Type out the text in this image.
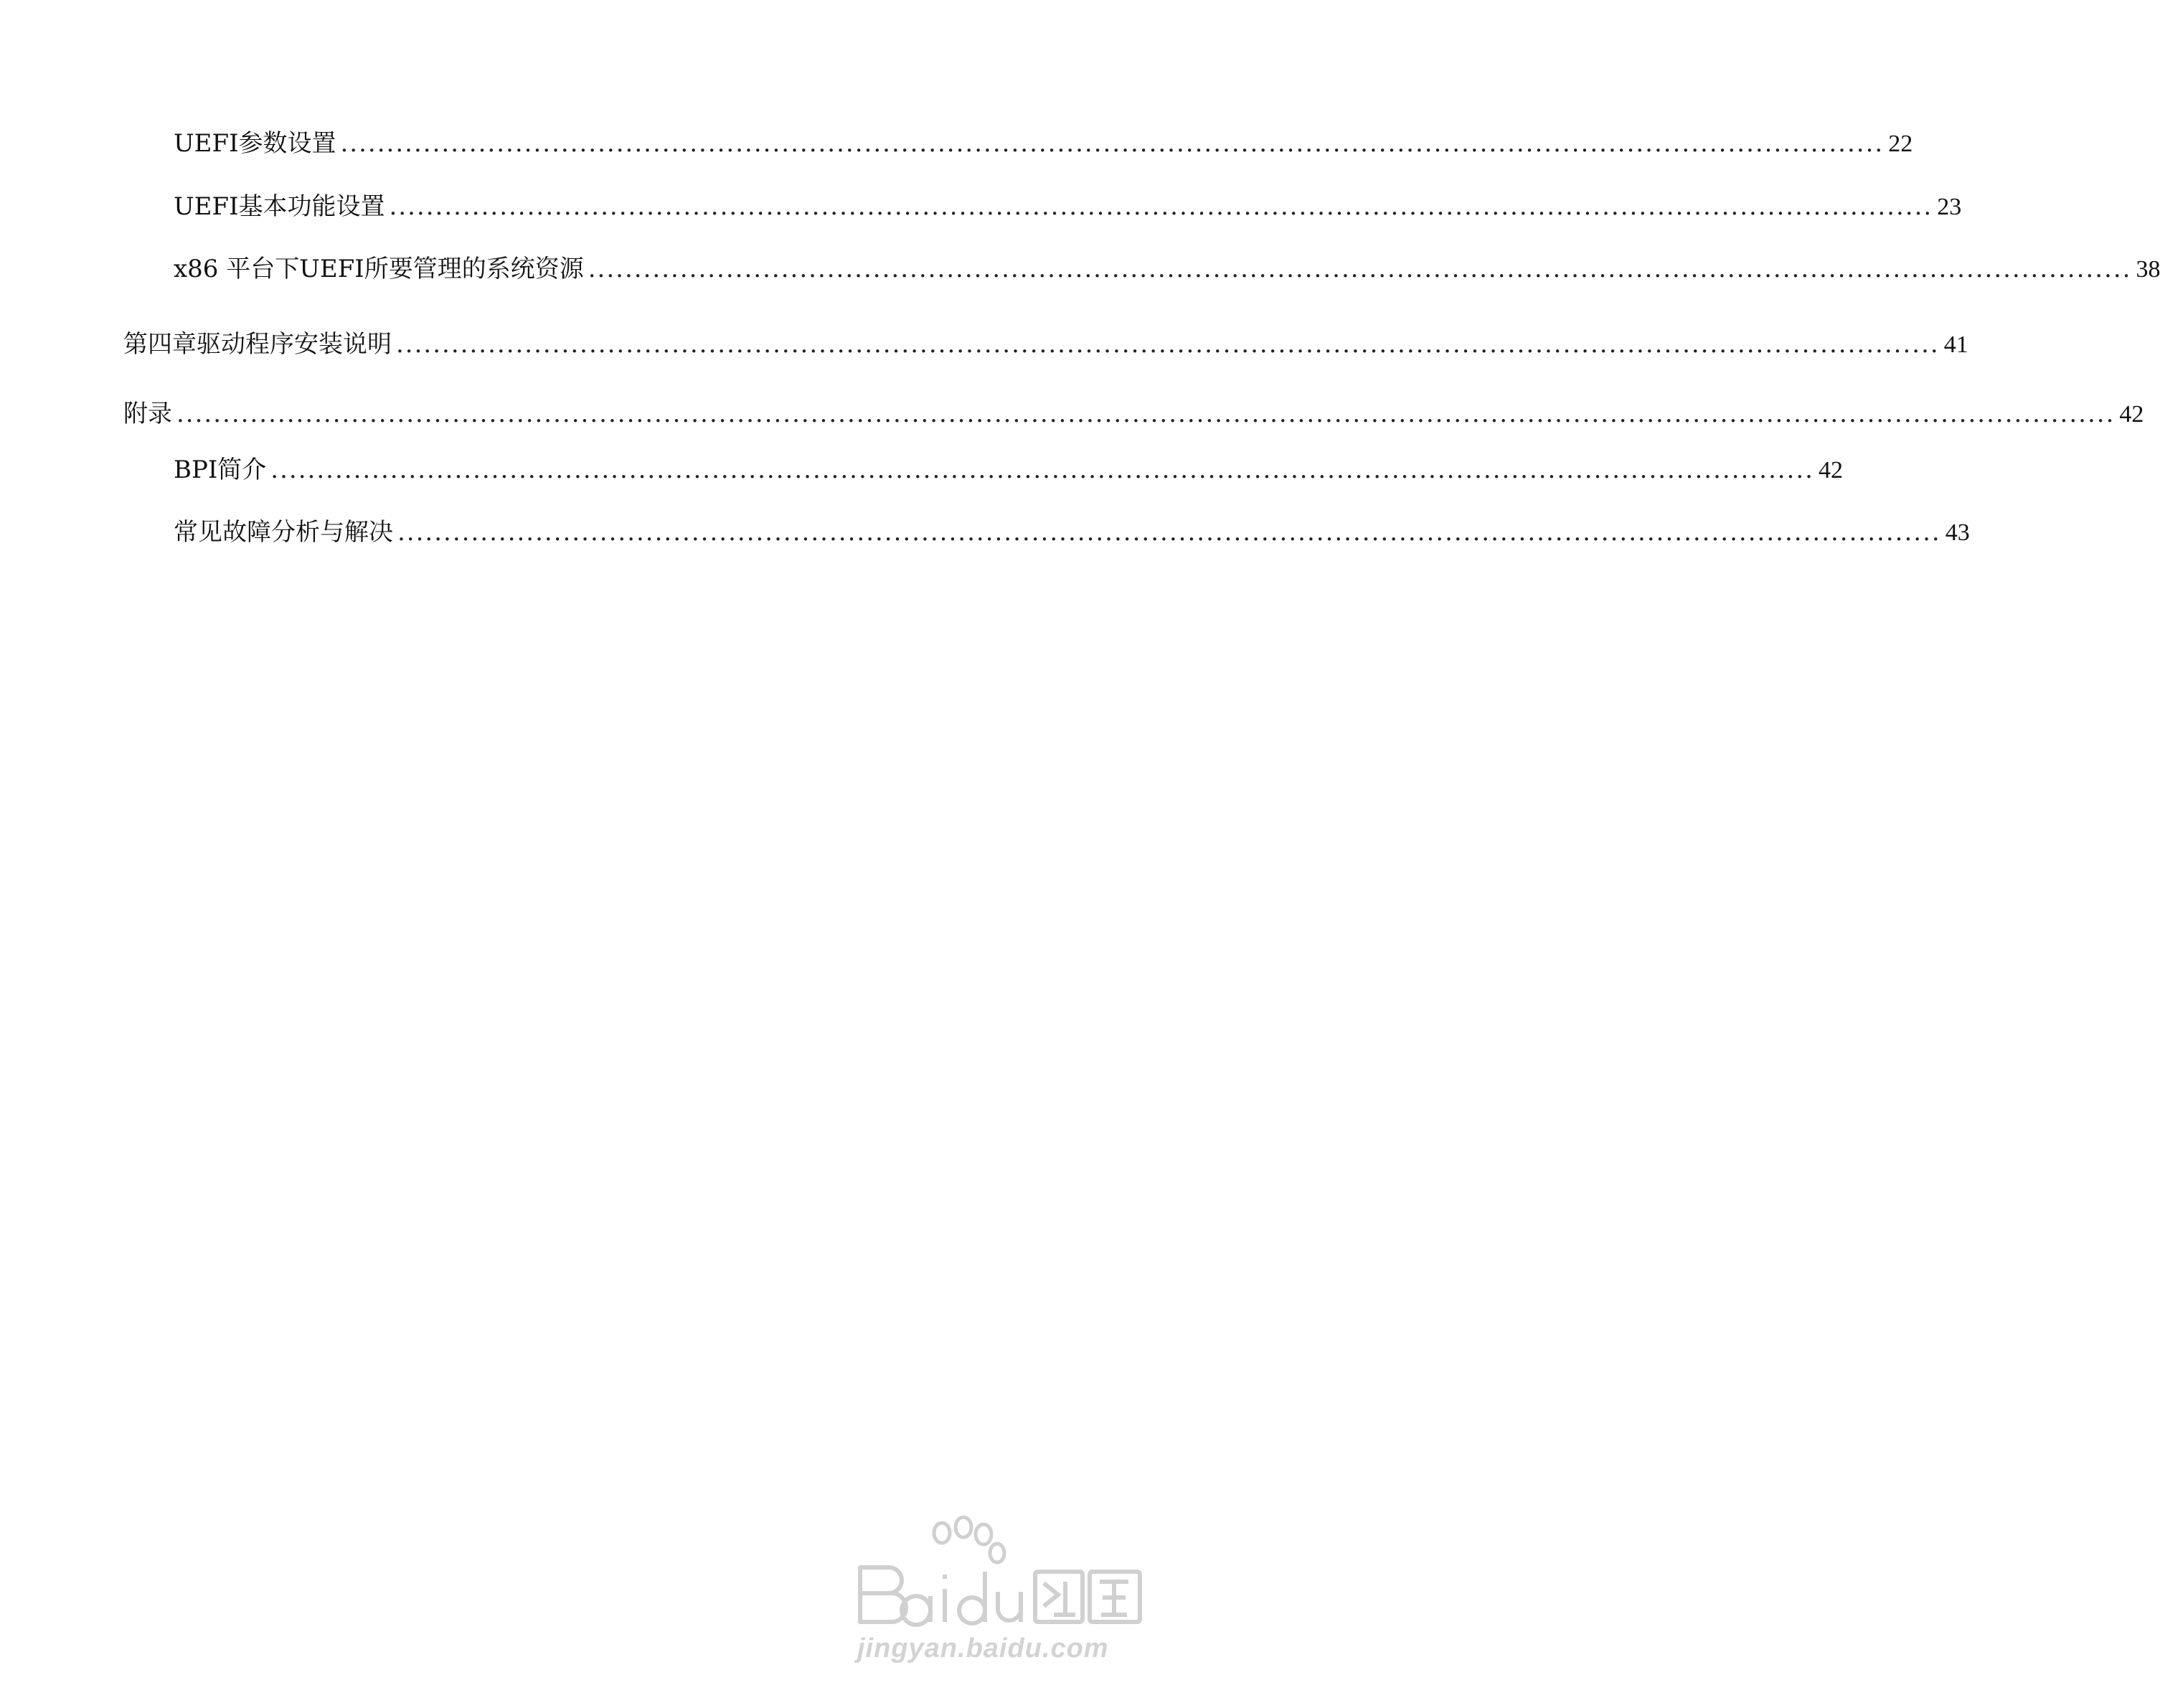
UEFI参数设置 ........................................................................................................................................................................ 22
UEFI基本功能设置 ........................................................................................................................................................................ 23
x86 平台下UEFI所要管理的系统资源 ........................................................................................................................................................................ 38
第四章 驱动程序安装说明 ........................................................................................................................................................................ 41
附录 ................................................................................................................................................................................................................... 42
BPI简介 ........................................................................................................................................................................ 42
常见故障分析与解决 ........................................................................................................................................................................ 43
jingyan.baidu.com
